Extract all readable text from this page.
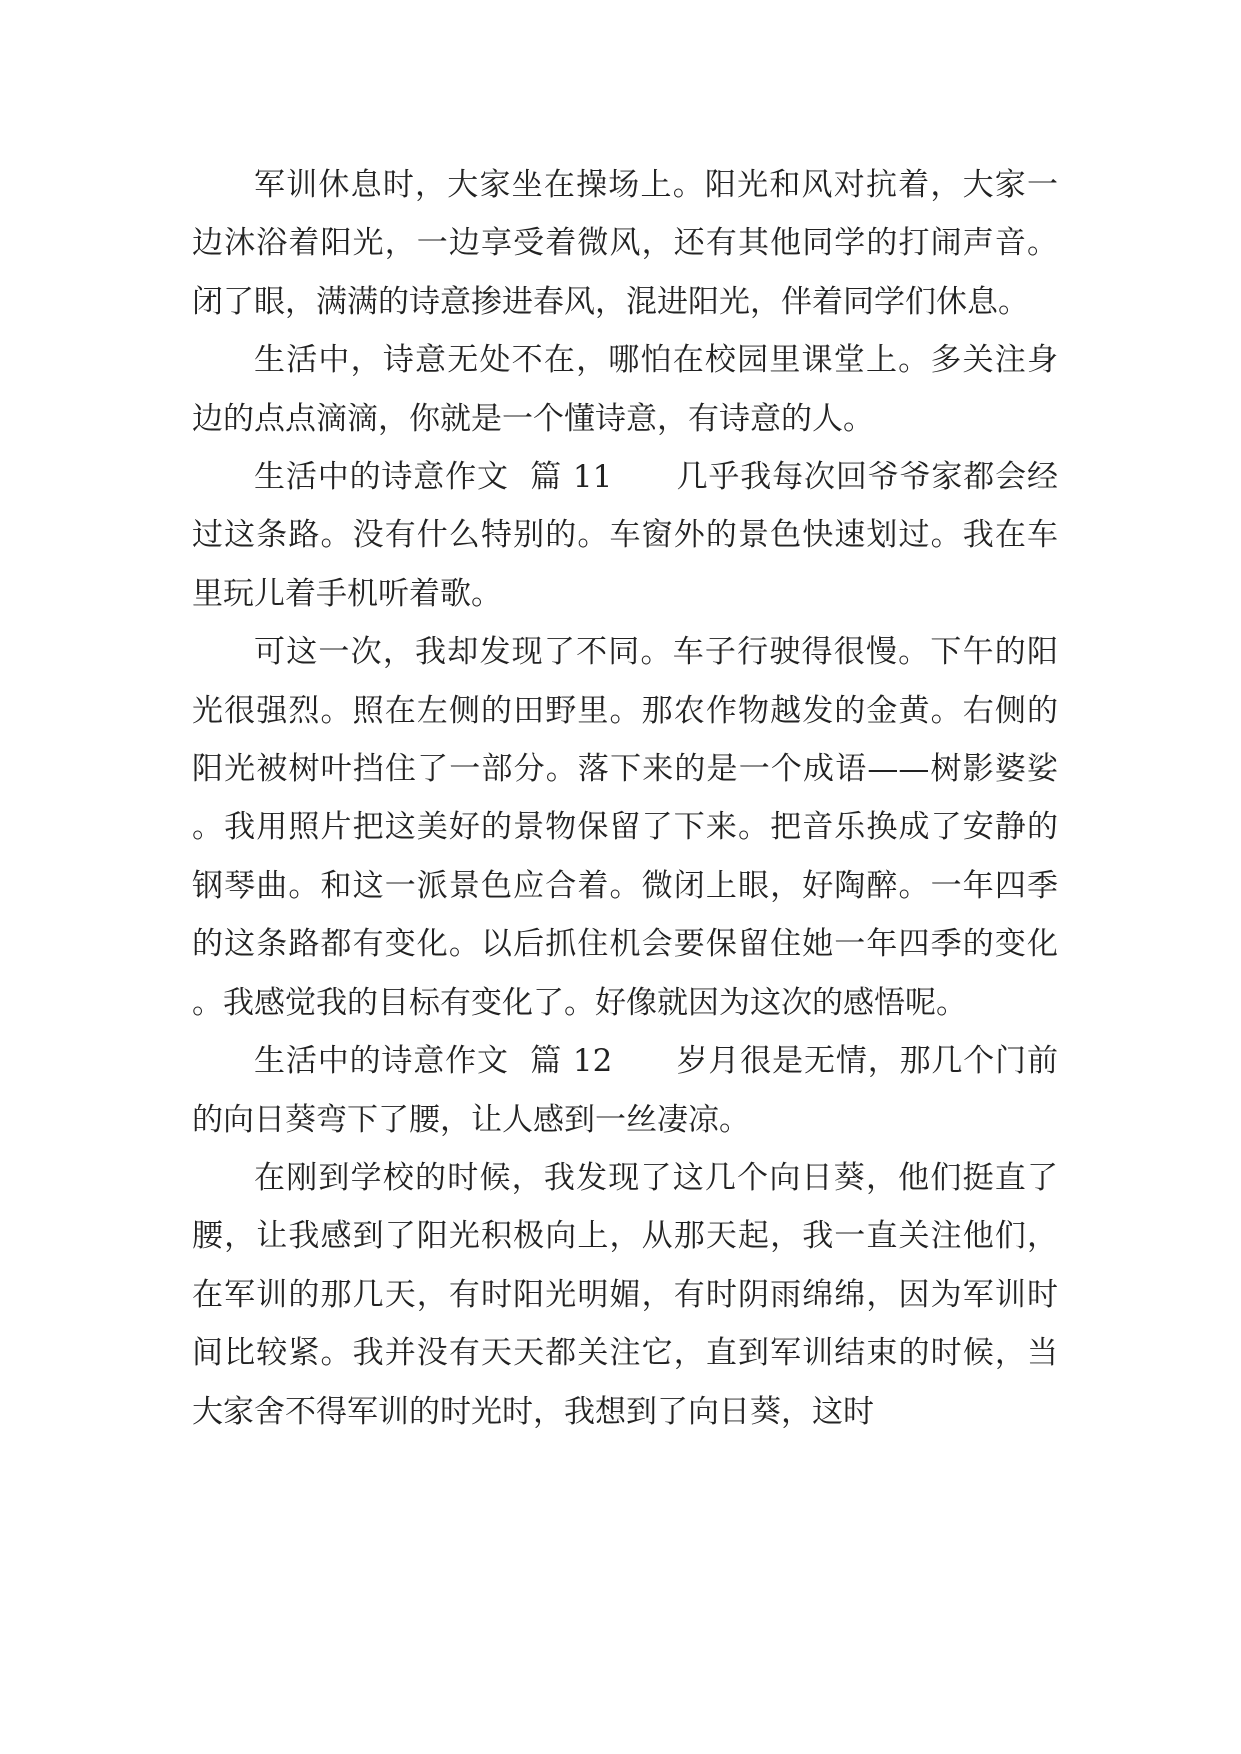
军训休息时，大家坐在操场上。阳光和风对抗着，大家一边沐浴着阳光，一边享受着微风，还有其他同学的打闹声音。闭了眼，满满的诗意掺进春风，混进阳光，伴着同学们休息。

生活中，诗意无处不在，哪怕在校园里课堂上。多关注身边的点点滴滴，你就是一个懂诗意，有诗意的人。

生活中的诗意作文  篇 11 几乎我每次回爷爷家都会经过这条路。没有什么特别的。车窗外的景色快速划过。我在车里玩儿着手机听着歌。

可这一次，我却发现了不同。车子行驶得很慢。下午的阳光很强烈。照在左侧的田野里。那农作物越发的金黄。右侧的阳光被树叶挡住了一部分。落下来的是一个成语——树影婆娑。我用照片把这美好的景物保留了下来。把音乐换成了安静的钢琴曲。和这一派景色应合着。微闭上眼，好陶醉。一年四季的这条路都有变化。以后抓住机会要保留住她一年四季的变化。我感觉我的目标有变化了。好像就因为这次的感悟呢。

生活中的诗意作文  篇 12 岁月很是无情，那几个门前的向日葵弯下了腰，让人感到一丝凄凉。

在刚到学校的时候，我发现了这几个向日葵，他们挺直了腰，让我感到了阳光积极向上，从那天起，我一直关注他们，在军训的那几天，有时阳光明媚，有时阴雨绵绵，因为军训时间比较紧。我并没有天天都关注它，直到军训结束的时候，当大家舍不得军训的时光时，我想到了向日葵，这时
